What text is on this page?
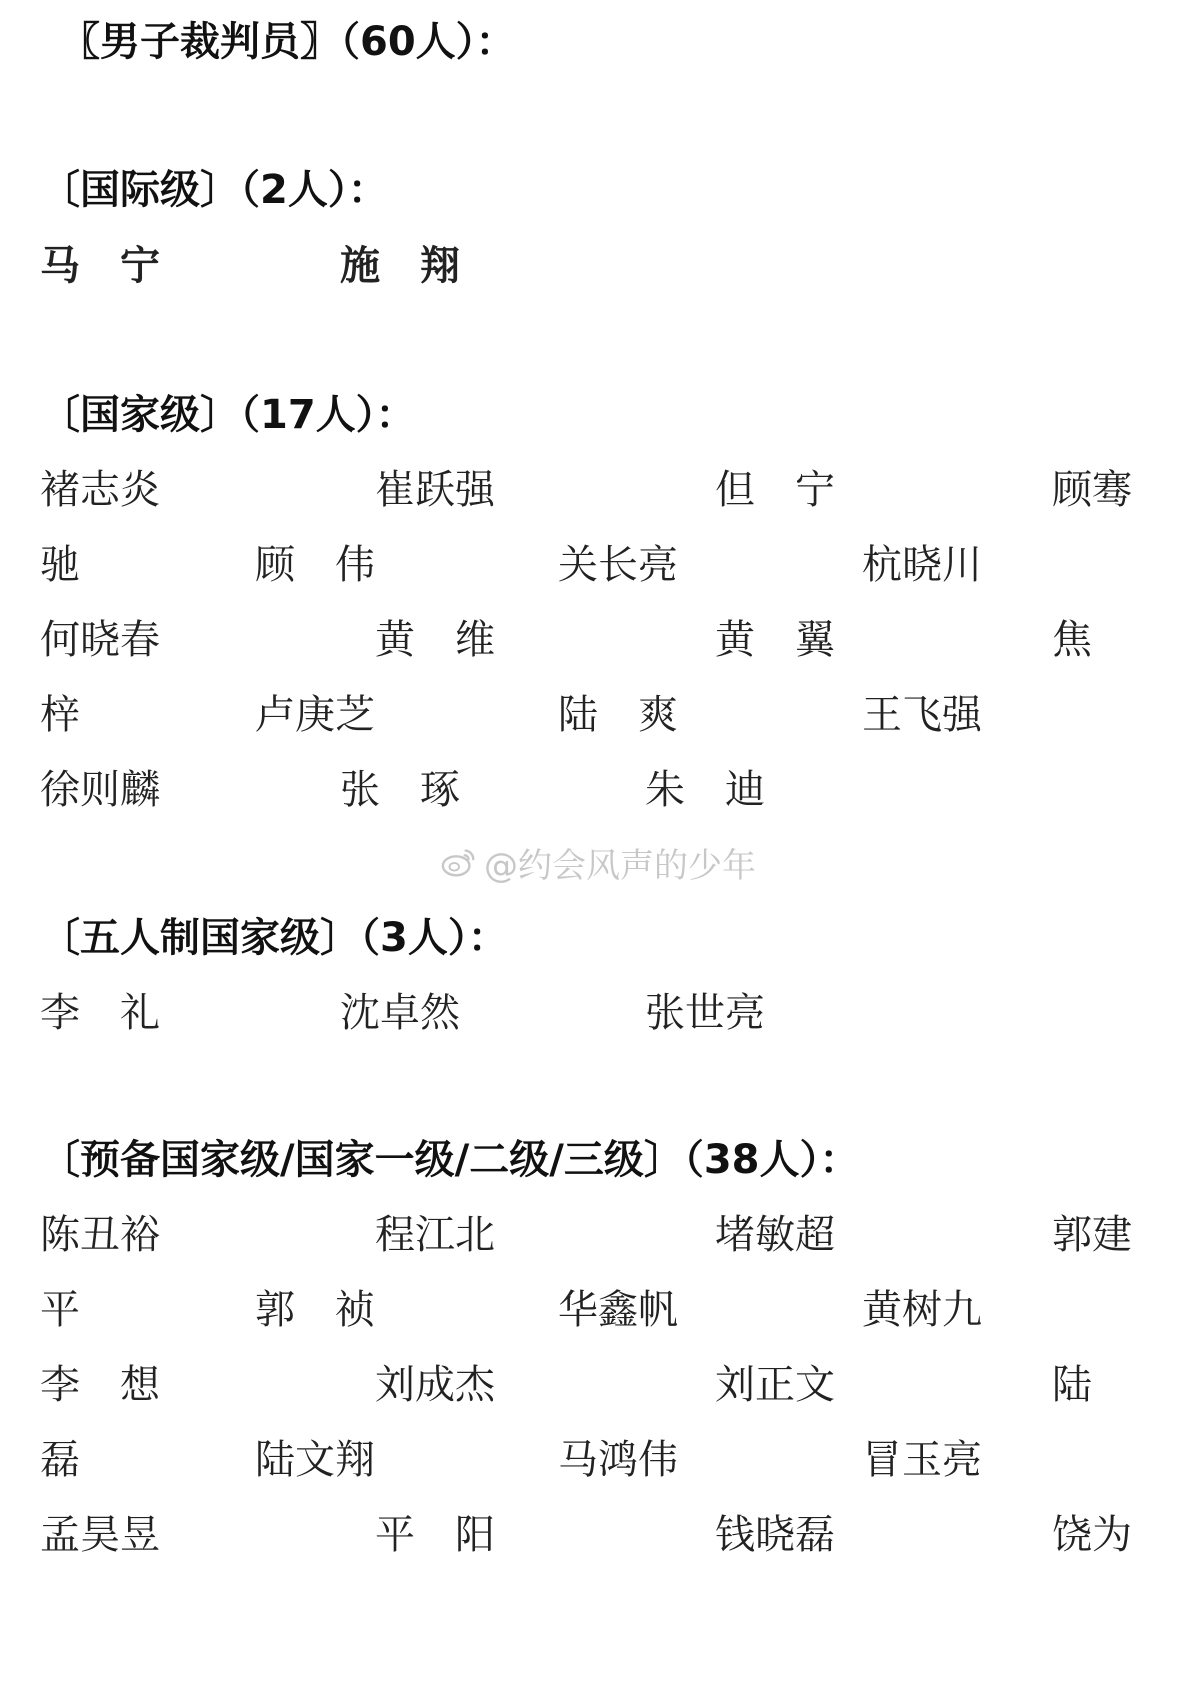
〖男子裁判员〗（60人）：
〔国际级〕（2人）：
马　宁	施　翔
〔国家级〕（17人）：
褚志炎	崔跃强	但　宁	顾骞
驰	顾　伟	关长亮	杭晓川
何晓春	黄　维	黄　翼	焦
梓	卢庚芝	陆　爽	王飞强
徐则麟	张　琢	朱　迪
〔五人制国家级〕（3人）：
李　礼	沈卓然	张世亮
〔预备国家级/国家一级/二级/三级〕（38人）：
陈丑裕	程江北	堵敏超	郭建
平	郭　祯	华鑫帆	黄树九
李　想	刘成杰	刘正文	陆
磊	陆文翔	马鸿伟	冒玉亮
孟昊昱	平　阳	钱晓磊	饶为
@约会风声的少年
